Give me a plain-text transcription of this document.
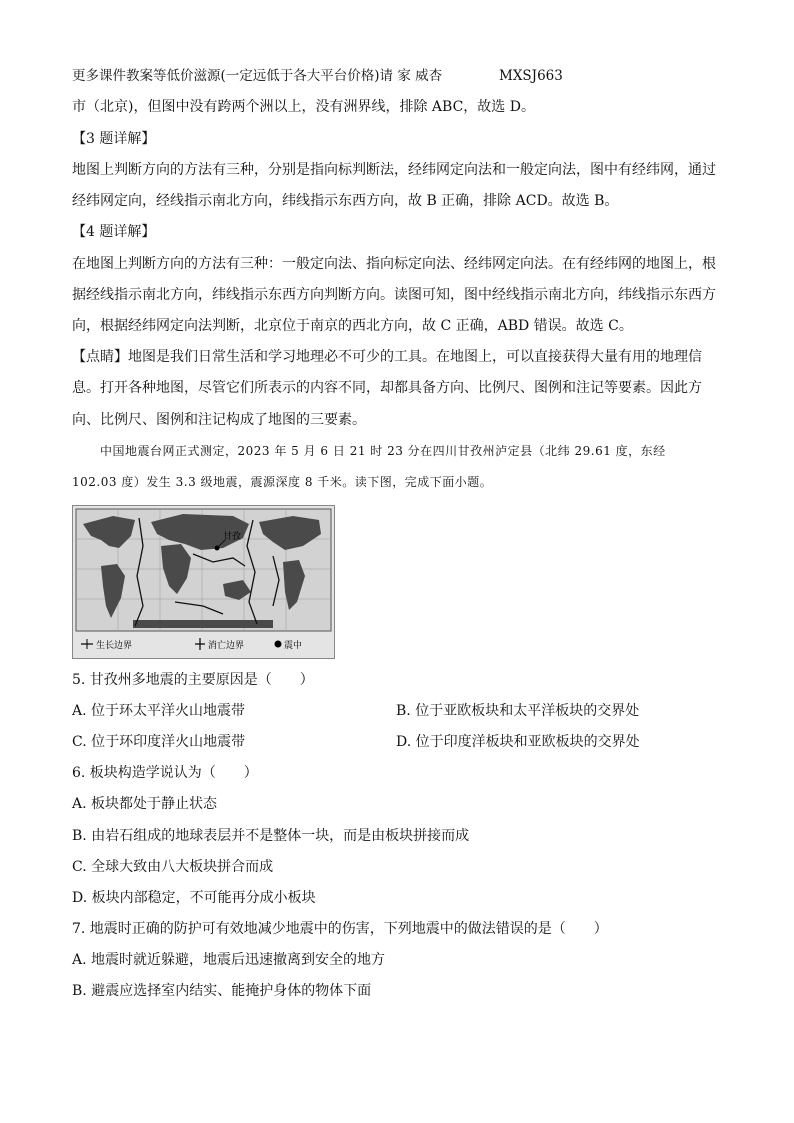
更多课件教案等低价滋源(一定远低于各大平台价格)请 家 威杏	MXSJ663
市（北京)，但图中没有跨两个洲以上，没有洲界线，排除 ABC，故选 D。
【3 题详解】
地图上判断方向的方法有三种，分别是指向标判断法，经纬网定向法和一般定向法，图中有经纬网，通过
经纬网定向，经线指示南北方向，纬线指示东西方向，故 B 正确，排除 ACD。故选 B。
【4 题详解】
在地图上判断方向的方法有三种：一般定向法、指向标定向法、经纬网定向法。在有经纬网的地图上，根
据经线指示南北方向，纬线指示东西方向判断方向。读图可知，图中经线指示南北方向，纬线指示东西方
向，根据经纬网定向法判断，北京位于南京的西北方向，故 C 正确，ABD 错误。故选 C。
【点睛】地图是我们日常生活和学习地理必不可少的工具。在地图上，可以直接获得大量有用的地理信
息。打开各种地图，尽管它们所表示的内容不同，却都具备方向、比例尺、图例和注记等要素。因此方
向、比例尺、图例和注记构成了地图的三要素。
中国地震台网正式测定，2023 年 5 月 6 日 21 时 23 分在四川甘孜州泸定县（北纬 29.61 度，东经
102.03 度）发生 3.3 级地震，震源深度 8 千米。读下图，完成下面小题。
甘孜
生长边界	消亡边界	震中
5. 甘孜州多地震的主要原因是（　　）
A. 位于环太平洋火山地震带	B. 位于亚欧板块和太平洋板块的交界处
C. 位于环印度洋火山地震带	D. 位于印度洋板块和亚欧板块的交界处
6. 板块构造学说认为（　　）
A. 板块都处于静止状态
B. 由岩石组成的地球表层并不是整体一块，而是由板块拼接而成
C. 全球大致由八大板块拼合而成
D. 板块内部稳定，不可能再分成小板块
7. 地震时正确的防护可有效地减少地震中的伤害，下列地震中的做法错误的是（　　）
A. 地震时就近躲避，地震后迅速撤离到安全的地方
B. 避震应选择室内结实、能掩护身体的物体下面
